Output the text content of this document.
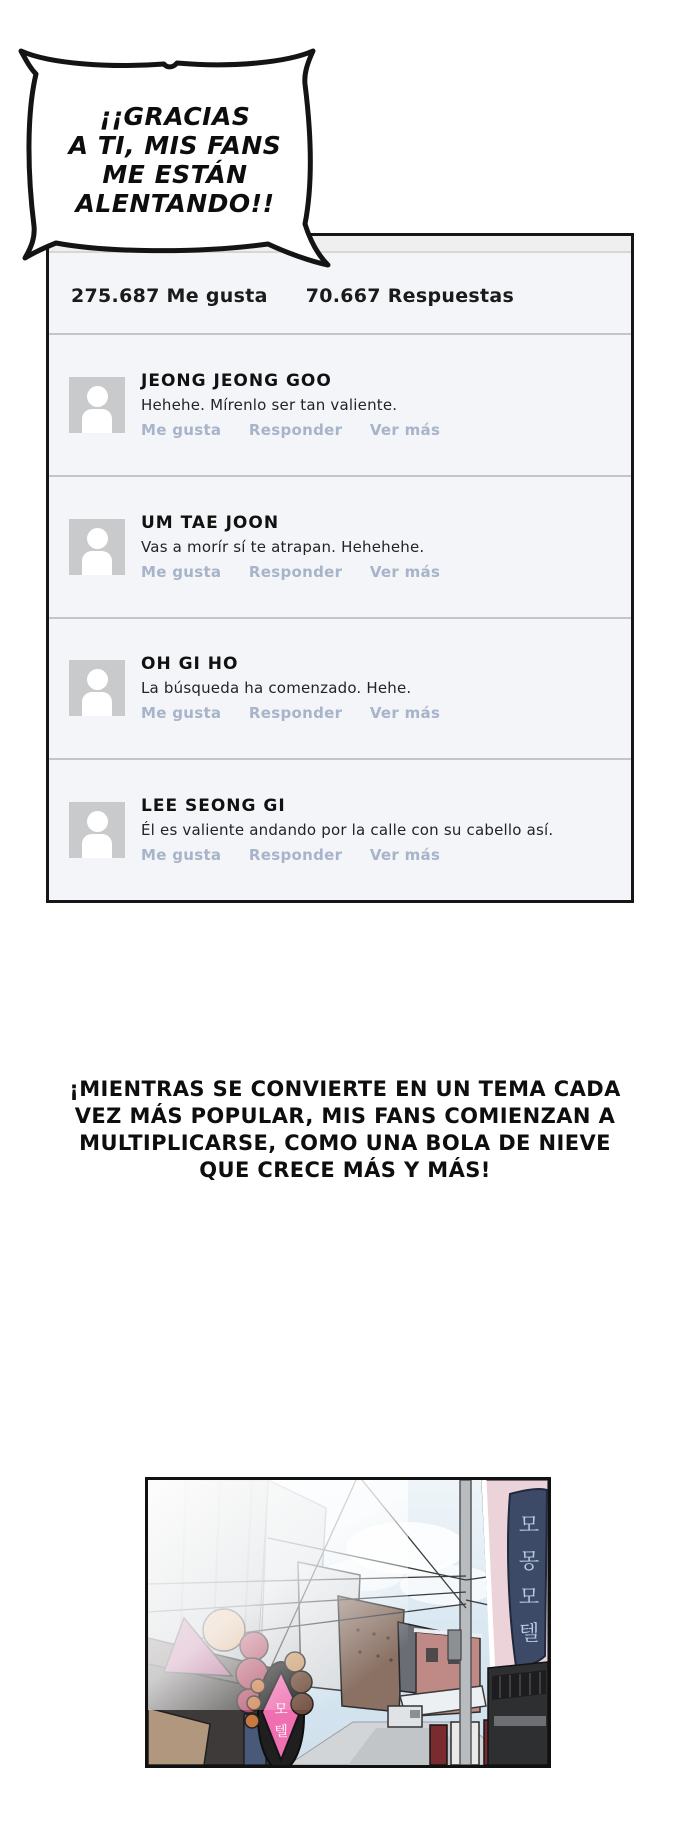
¡¡GRACIAS
A TI, MIS FANS
ME ESTÁN
ALENTANDO!!
275.687 Me gusta 70.667 Respuestas
JEONG JEONG GOO
Hehehe. Mírenlo ser tan valiente.
Me gusta Responder Ver más
UM TAE JOON
Vas a morír sí te atrapan. Hehehehe.
Me gusta Responder Ver más
OH GI HO
La búsqueda ha comenzado. Hehe.
Me gusta Responder Ver más
LEE SEONG GI
Él es valiente andando por la calle con su cabello así.
Me gusta Responder Ver más
¡MIENTRAS SE CONVIERTE EN UN TEMA CADA
VEZ MÁS POPULAR, MIS FANS COMIENZAN A
MULTIPLICARSE, COMO UNA BOLA DE NIEVE
QUE CRECE MÁS Y MÁS!
모
몽
모
텔
텔
